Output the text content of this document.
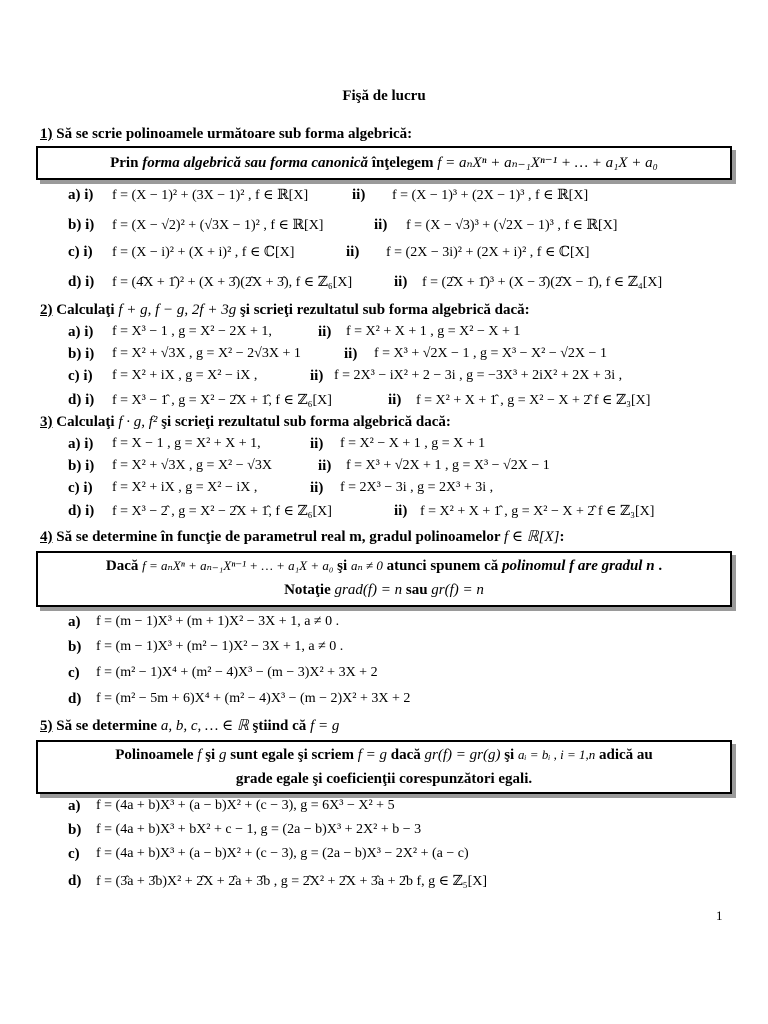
Fişă de lucru
1) Să se scrie polinoamele următoare sub forma algebrică:
Prin forma algebrică sau forma canonică înţelegem f = aₙXⁿ + aₙ₋₁Xⁿ⁻¹ + … + a₁X + a₀
a) i) f = (X − 1)² + (3X − 1)² , f ∈ ℝ[X]	ii) f = (X − 1)³ + (2X − 1)³ , f ∈ ℝ[X]
b) i) f = (X − √2)² + (√3X − 1)² , f ∈ ℝ[X]	ii) f = (X − √3)³ + (√2X − 1)³ , f ∈ ℝ[X]
c) i) f = (X − i)² + (X + i)² , f ∈ ℂ[X]	ii) f = (2X − 3i)² + (2X + i)² , f ∈ ℂ[X]
d) i) f = (4̂X + 1̂)² + (X + 3̂)(2̂X + 3̂), f ∈ ℤ₆[X]	ii) f = (2̂X + 1̂)³ + (X − 3̂)(2̂X − 1̂), f ∈ ℤ₄[X]
2) Calculaţi f + g, f − g, 2f + 3g şi scrieţi rezultatul sub forma algebrică dacă:
a) i) f = X³ − 1 , g = X² − 2X + 1,	ii) f = X² + X + 1 , g = X² − X + 1
b) i) f = X² + √3X , g = X² − 2√3X + 1	ii) f = X³ + √2X − 1 , g = X³ − X² − √2X − 1
c) i) f = X² + iX , g = X² − iX ,	ii) f = 2X³ − iX² + 2 − 3i , g = −3X³ + 2iX² + 2X + 3i ,
d) i) f = X³ − 1̂ , g = X² − 2̂X + 1̂, f ∈ ℤ₆[X]	ii) f = X² + X + 1̂ , g = X² − X + 2̂ f ∈ ℤ₃[X]
3) Calculaţi f · g, f² şi scrieţi rezultatul sub forma algebrică dacă:
a) i) f = X − 1 , g = X² + X + 1,	ii) f = X² − X + 1 , g = X + 1
b) i) f = X² + √3X , g = X² − √3X	ii) f = X³ + √2X + 1 , g = X³ − √2X − 1
c) i) f = X² + iX , g = X² − iX ,	ii) f = 2X³ − 3i , g = 2X³ + 3i ,
d) i) f = X³ − 2̂ , g = X² − 2̂X + 1̂, f ∈ ℤ₆[X]	ii) f = X² + X + 1̂ , g = X² − X + 2̂ f ∈ ℤ₃[X]
4) Să se determine în funcţie de parametrul real m, gradul polinoamelor f ∈ ℝ[X]:
Dacă f = aₙXⁿ + aₙ₋₁Xⁿ⁻¹ + … + a₁X + a₀ şi aₙ ≠ 0 atunci spunem că polinomul f are gradul n .
Notaţie grad(f) = n sau gr(f) = n
a) f = (m − 1)X³ + (m + 1)X² − 3X + 1, a ≠ 0 .
b) f = (m − 1)X³ + (m² − 1)X² − 3X + 1, a ≠ 0 .
c) f = (m² − 1)X⁴ + (m² − 4)X³ − (m − 3)X² + 3X + 2
d) f = (m² − 5m + 6)X⁴ + (m² − 4)X³ − (m − 2)X² + 3X + 2
5) Să se determine a, b, c, … ∈ ℝ ştiind că f = g
Polinoamele f şi g sunt egale şi scriem f = g dacă gr(f) = gr(g) şi aᵢ = bᵢ , i = 1,n adică au
grade egale şi coeficienţii corespunzători egali.
a) f = (4a + b)X³ + (a − b)X² + (c − 3), g = 6X³ − X² + 5
b) f = (4a + b)X³ + bX² + c − 1, g = (2a − b)X³ + 2X² + b − 3
c) f = (4a + b)X³ + (a − b)X² + (c − 3), g = (2a − b)X³ − 2X² + (a − c)
d) f = (3̂a + 3̂b)X² + 2̂X + 2̂a + 3̂b , g = 2̂X² + 2̂X + 3̂a + 2̂b f, g ∈ ℤ₅[X]
1
